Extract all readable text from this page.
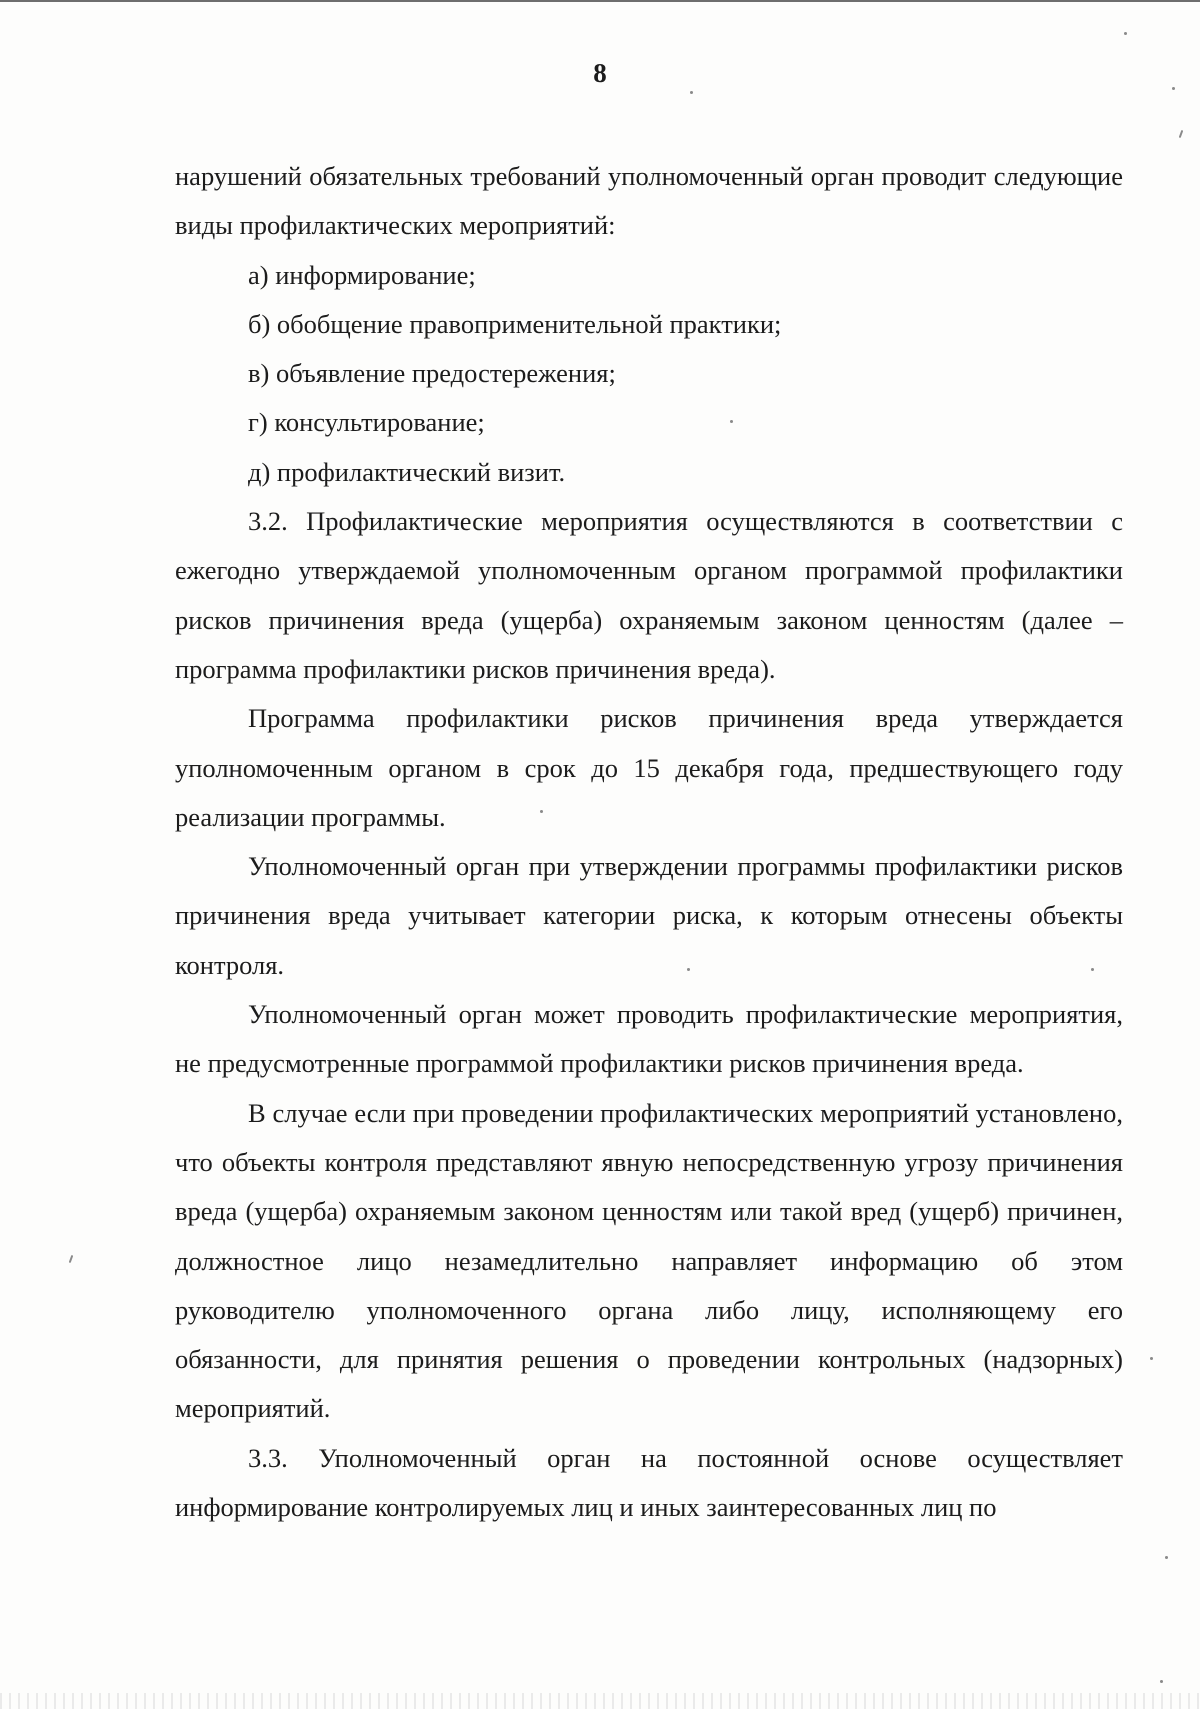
8

нарушений обязательных требований уполномоченный орган проводит следующие виды профилактических мероприятий:

а) информирование;

б) обобщение правоприменительной практики;

в) объявление предостережения;

г) консультирование;

д) профилактический визит.

3.2. Профилактические мероприятия осуществляются в соответствии с ежегодно утверждаемой уполномоченным органом программой профилактики рисков причинения вреда (ущерба) охраняемым законом ценностям (далее – программа профилактики рисков причинения вреда).

Программа профилактики рисков причинения вреда утверждается уполномоченным органом в срок до 15 декабря года, предшествующего году реализации программы.

Уполномоченный орган при утверждении программы профилактики рисков причинения вреда учитывает категории риска, к которым отнесены объекты контроля.

Уполномоченный орган может проводить профилактические мероприятия, не предусмотренные программой профилактики рисков причинения вреда.

В случае если при проведении профилактических мероприятий установлено, что объекты контроля представляют явную непосредственную угрозу причинения вреда (ущерба) охраняемым законом ценностям или такой вред (ущерб) причинен, должностное лицо незамедлительно направляет информацию об этом руководителю уполномоченного органа либо лицу, исполняющему его обязанности, для принятия решения о проведении контрольных (надзорных) мероприятий.

3.3. Уполномоченный орган на постоянной основе осуществляет информирование контролируемых лиц и иных заинтересованных лиц по
